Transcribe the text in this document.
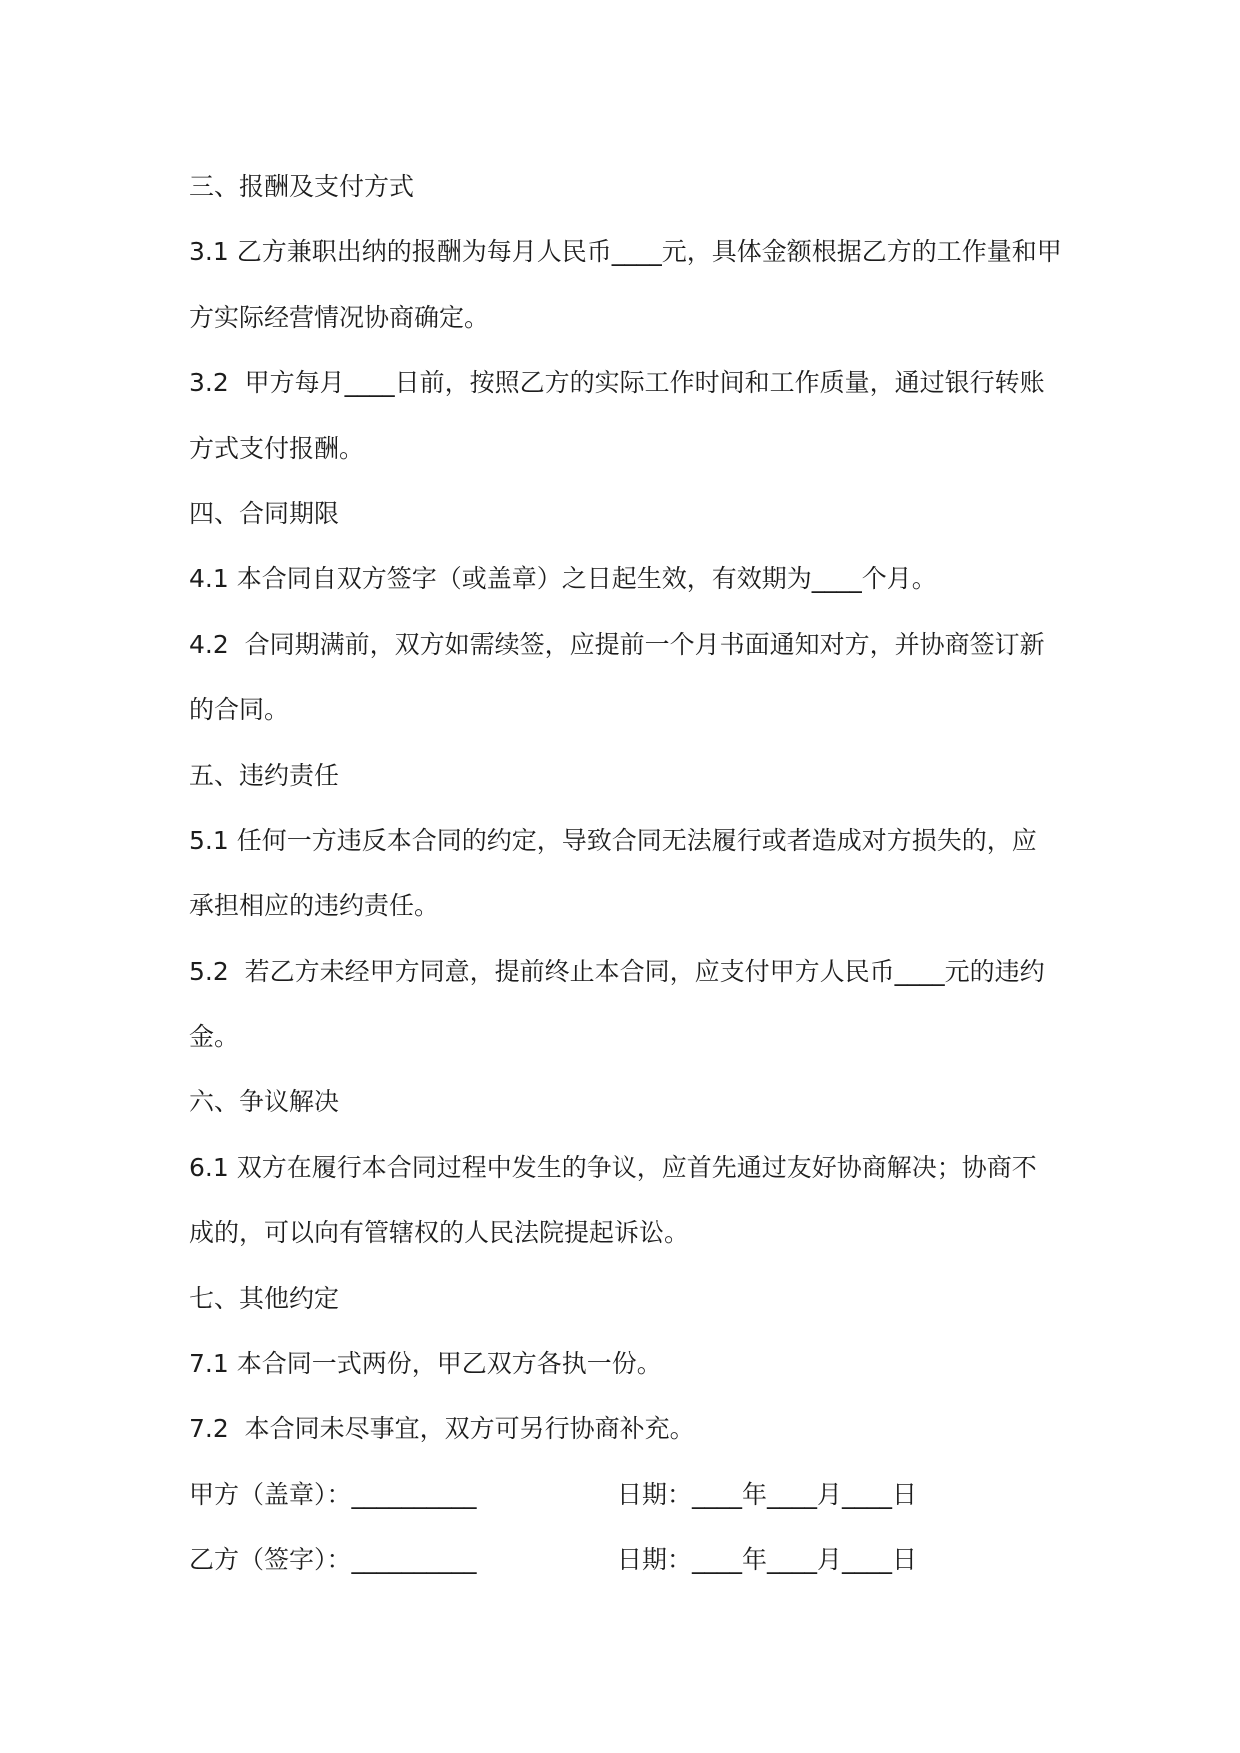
三、报酬及支付方式
3.1 乙方兼职出纳的报酬为每月人民币____元，具体金额根据乙方的工作量和甲
方实际经营情况协商确定。
3.2  甲方每月____日前，按照乙方的实际工作时间和工作质量，通过银行转账
方式支付报酬。
四、合同期限
4.1 本合同自双方签字（或盖章）之日起生效，有效期为____个月。
4.2  合同期满前，双方如需续签，应提前一个月书面通知对方，并协商签订新
的合同。
五、违约责任
5.1 任何一方违反本合同的约定，导致合同无法履行或者造成对方损失的，应
承担相应的违约责任。
5.2  若乙方未经甲方同意，提前终止本合同，应支付甲方人民币____元的违约
金。
六、争议解决
6.1 双方在履行本合同过程中发生的争议，应首先通过友好协商解决；协商不
成的，可以向有管辖权的人民法院提起诉讼。
七、其他约定
7.1 本合同一式两份，甲乙双方各执一份。
7.2  本合同未尽事宜，双方可另行协商补充。
甲方（盖章）：__________	日期：____年____月____日
乙方（签字）：__________	日期：____年____月____日
